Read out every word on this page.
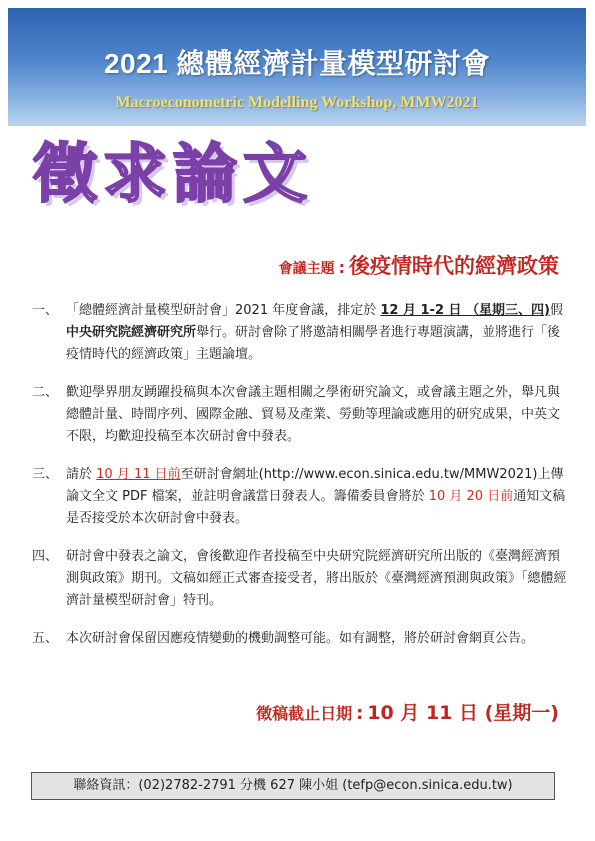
2021 總體經濟計量模型研討會
Macroeconometric Modelling Workshop, MMW2021
徵求論文
會議主題 : 後疫情時代的經濟政策
一、 「總體經濟計量模型研討會」2021 年度會議，排定於 12 月 1-2 日 （星期三、四)假中央研究院經濟研究所舉行。研討會除了將邀請相關學者進行專題演講，並將進行「後疫情時代的經濟政策」主題論壇。
二、 歡迎學界朋友踴躍投稿與本次會議主題相關之學術研究論文，或會議主題之外，舉凡與總體計量、時間序列、國際金融、貿易及產業、勞動等理論或應用的研究成果，中英文不限，均歡迎投稿至本次研討會中發表。
三、 請於 10 月 11 日前至研討會網址(http://www.econ.sinica.edu.tw/MMW2021)上傳論文全文 PDF 檔案，並註明會議當日發表人。籌備委員會將於 10 月 20 日前通知文稿是否接受於本次研討會中發表。
四、 研討會中發表之論文，會後歡迎作者投稿至中央研究院經濟研究所出版的《臺灣經濟預測與政策》期刊。文稿如經正式審查接受者，將出版於《臺灣經濟預測與政策》「總體經濟計量模型研討會」特刊。
五、 本次研討會保留因應疫情變動的機動調整可能。如有調整，將於研討會網頁公告。
徵稿截止日期 : 10 月 11 日 (星期一)
聯絡資訊：(02)2782-2791 分機 627 陳小姐 (tefp@econ.sinica.edu.tw)
